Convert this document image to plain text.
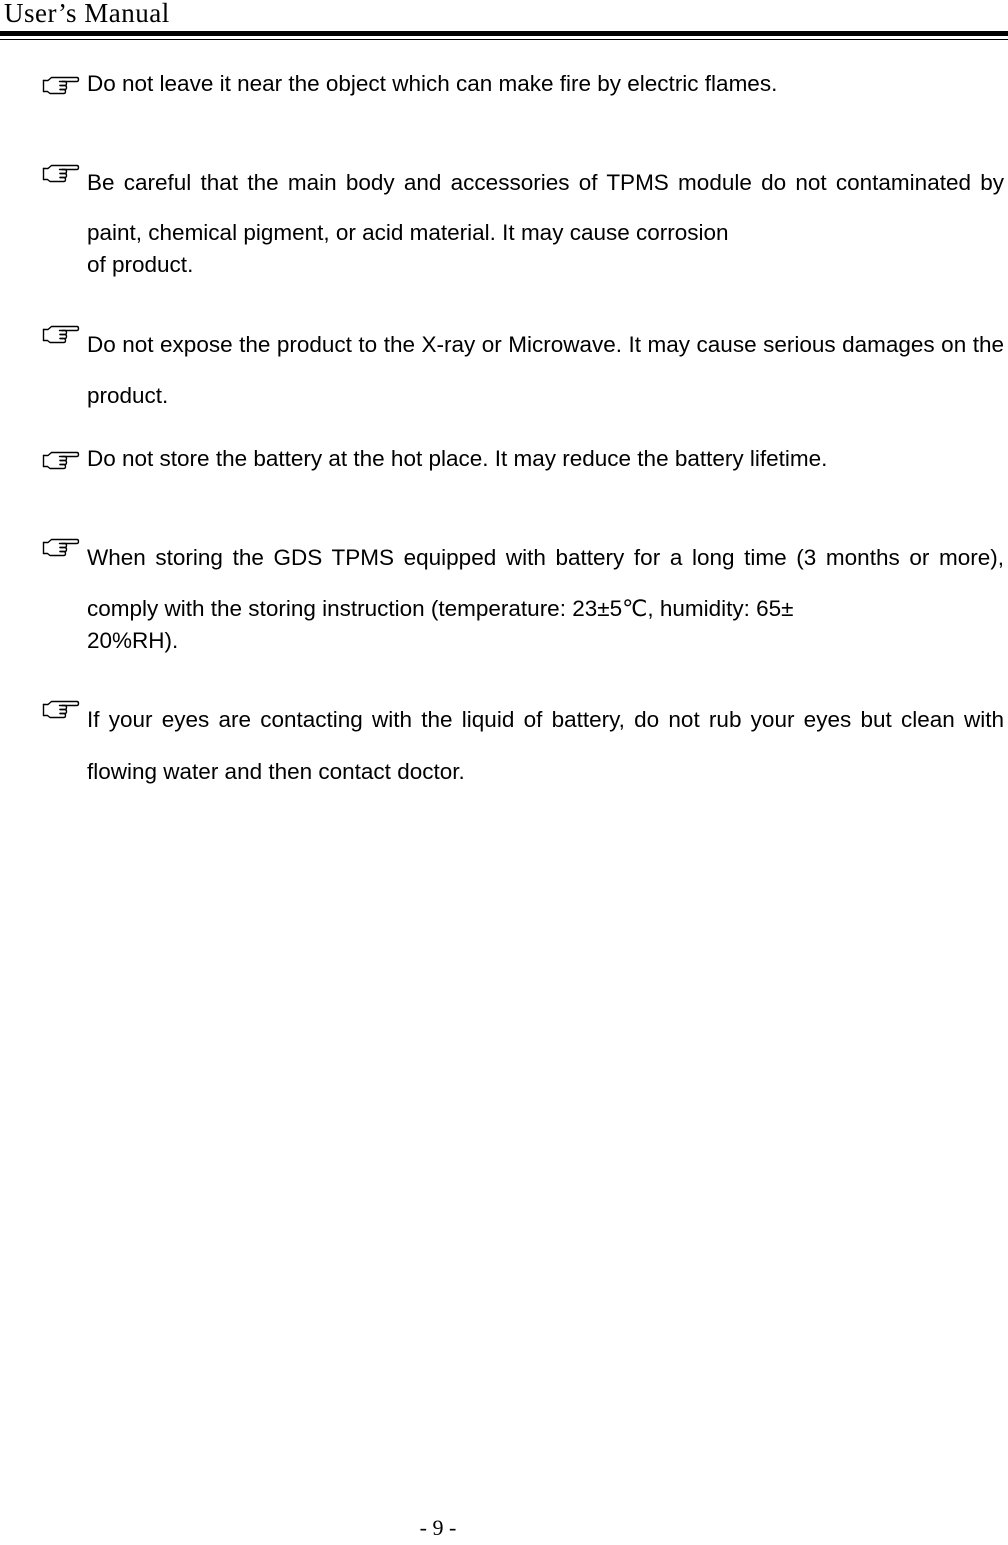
User’s Manual
Do not leave it near the object which can make fire by electric flames.
Be careful that the main body and accessories of TPMS module do not contaminated by paint, chemical pigment, or acid material. It may cause corrosion
of product.
Do not expose the product to the X-ray or Microwave. It may cause serious damages on the product.
Do not store the battery at the hot place. It may reduce the battery lifetime.
When storing the GDS TPMS equipped with battery for a long time (3 months or more), comply with the storing instruction (temperature: 23±5℃, humidity: 65±
20%RH).
If your eyes are contacting with the liquid of battery, do not rub your eyes but clean with flowing water and then contact doctor.
- 9 -
